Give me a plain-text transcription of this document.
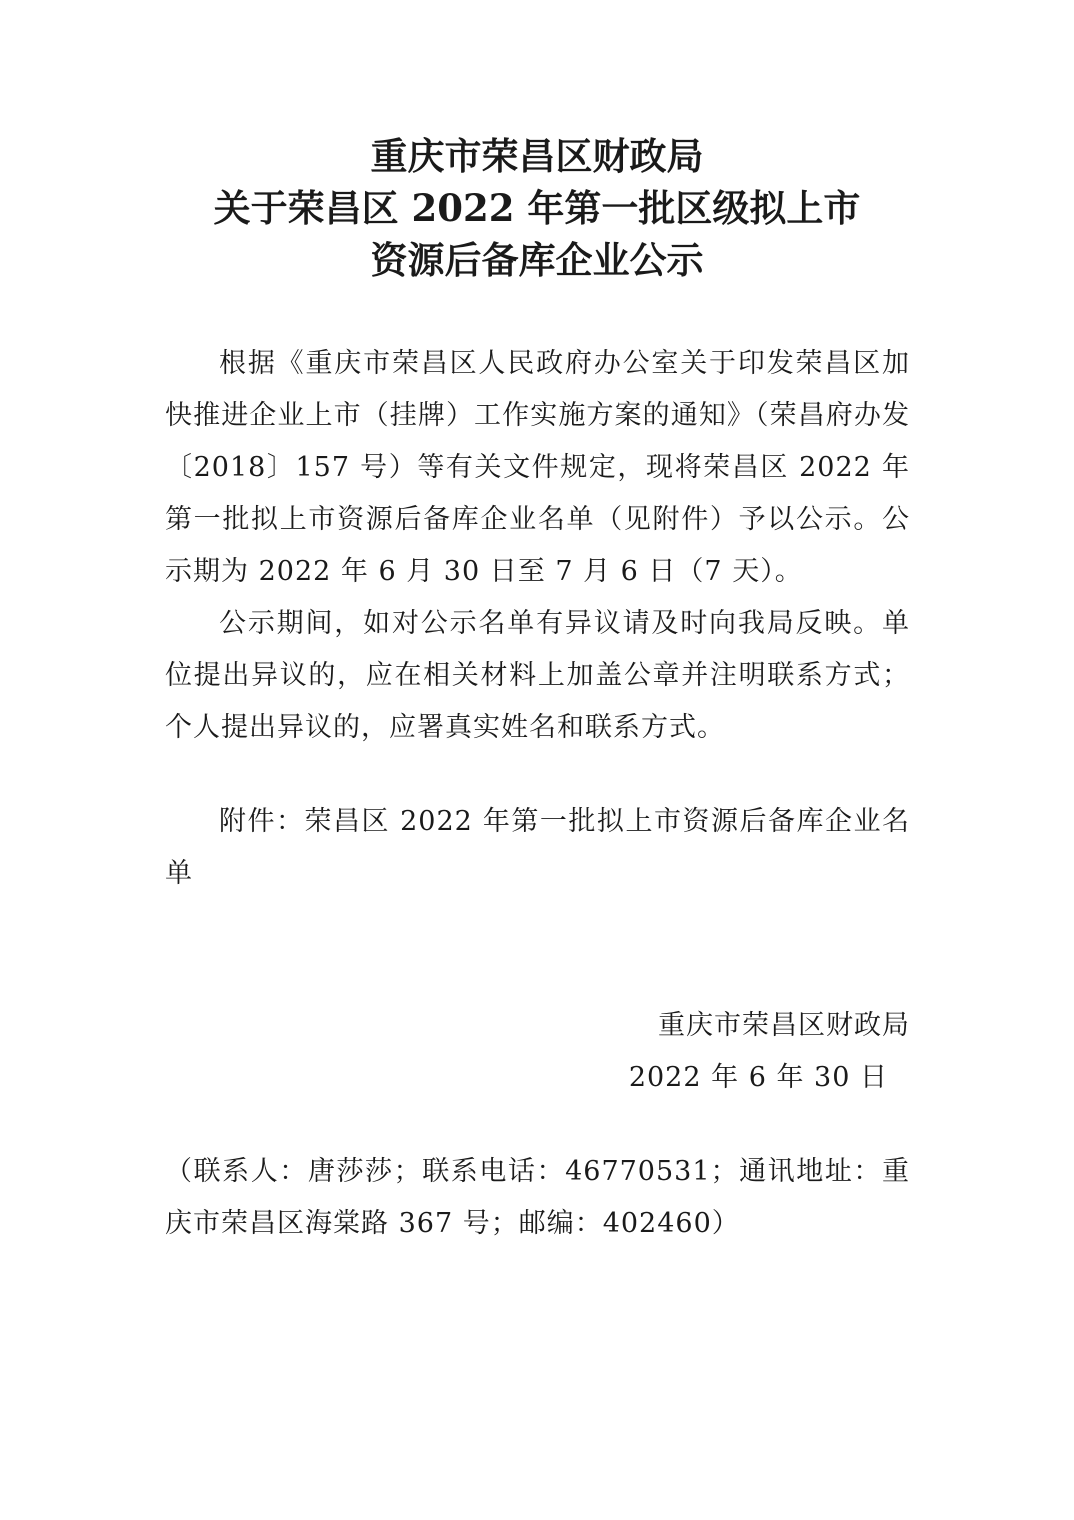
重庆市荣昌区财政局
关于荣昌区 2022 年第一批区级拟上市
资源后备库企业公示

根据《重庆市荣昌区人民政府办公室关于印发荣昌区加快推进企业上市（挂牌）工作实施方案的通知》（荣昌府办发〔2018〕157 号）等有关文件规定，现将荣昌区 2022 年第一批拟上市资源后备库企业名单（见附件）予以公示。公示期为 2022 年 6 月 30 日至 7 月 6 日（7 天）。

公示期间，如对公示名单有异议请及时向我局反映。单位提出异议的，应在相关材料上加盖公章并注明联系方式；个人提出异议的，应署真实姓名和联系方式。

附件：荣昌区 2022 年第一批拟上市资源后备库企业名单

重庆市荣昌区财政局
2022 年 6 年 30 日

（联系人：唐莎莎；联系电话：46770531；通讯地址：重庆市荣昌区海棠路 367 号；邮编：402460）
